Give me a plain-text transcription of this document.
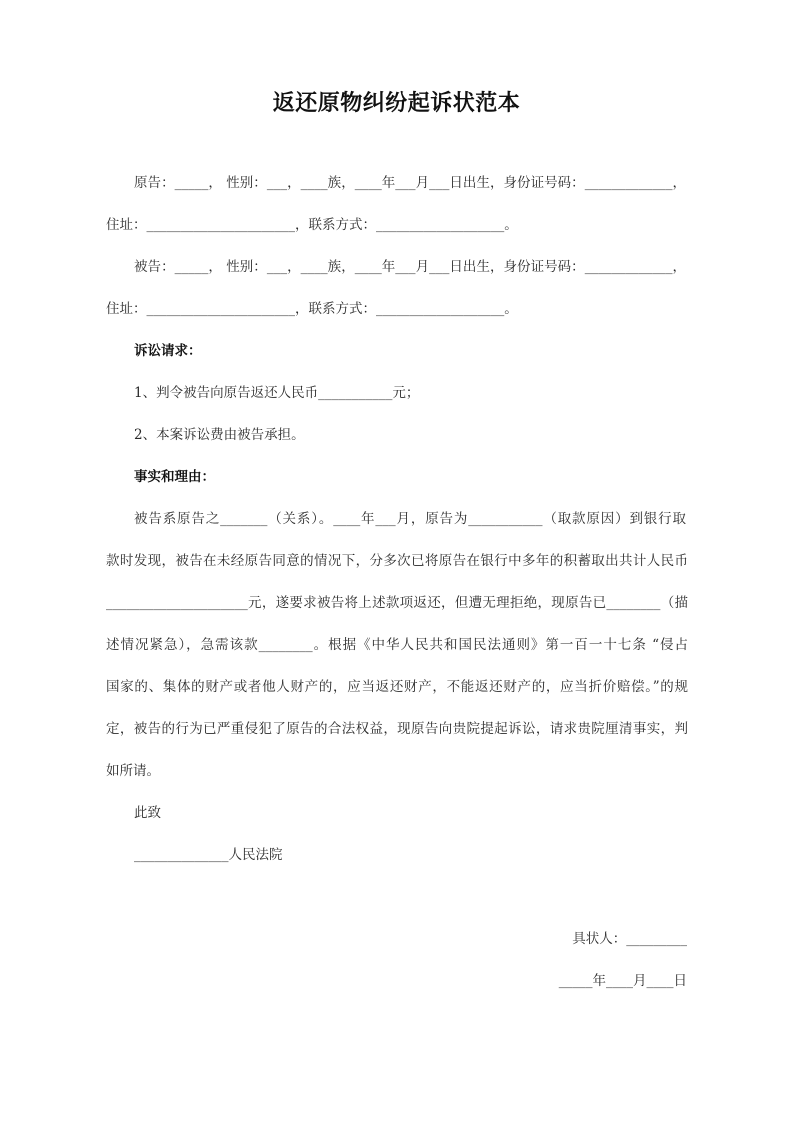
返还原物纠纷起诉状范本
原告：_____， 性别：___，____族，____年___月___日出生，身份证号码：_____________，
住址：______________________，联系方式：___________________。
被告：_____， 性别：___，____族，____年___月___日出生，身份证号码：_____________，
住址：______________________，联系方式：___________________。
诉讼请求：
1、判令被告向原告返还人民币___________元；
2、本案诉讼费由被告承担。
事实和理由：
被告系原告之_______（关系）。____年___月，原告为___________（取款原因）到银行取
款时发现，被告在未经原告同意的情况下，分多次已将原告在银行中多年的积蓄取出共计人民币
_____________________元，遂要求被告将上述款项返还，但遭无理拒绝，现原告已________（描
述情况紧急），急需该款________。根据《中华人民共和国民法通则》第一百一十七条 “侵占
国家的、集体的财产或者他人财产的，应当返还财产，不能返还财产的，应当折价赔偿。”的规
定，被告的行为已严重侵犯了原告的合法权益，现原告向贵院提起诉讼，请求贵院厘清事实，判
如所请。
此致
______________人民法院
具状人：_________
_____年____月____日
